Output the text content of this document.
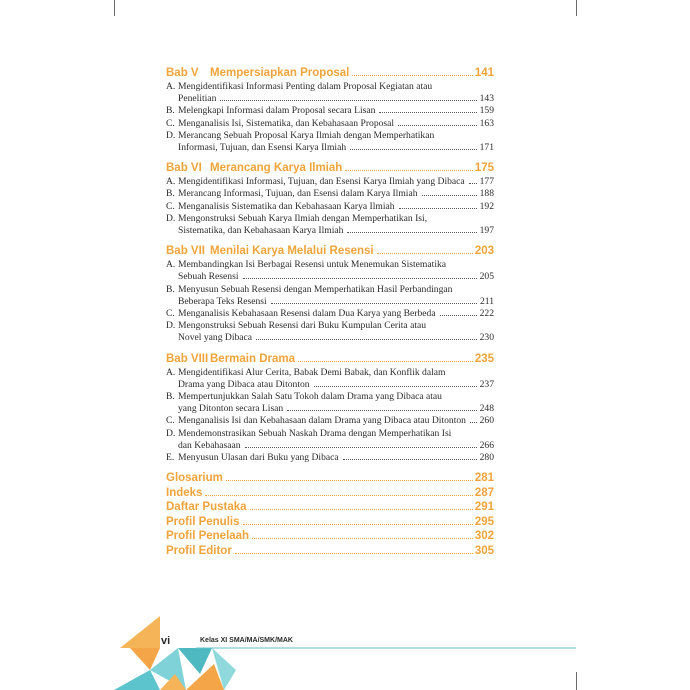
Bab V Mempersiapkan Proposal	141
A. Mengidentifikasi Informasi Penting dalam Proposal Kegiatan atau
Penelitian	143
B. Melengkapi Informasi dalam Proposal secara Lisan	159
C. Menganalisis Isi, Sistematika, dan Kebahasaan Proposal	163
D. Merancang Sebuah Proposal Karya Ilmiah dengan Memperhatikan
Informasi, Tujuan, dan Esensi Karya Ilmiah	171
Bab VI Merancang Karya Ilmiah	175
A. Mengidentifikasi Informasi, Tujuan, dan Esensi Karya Ilmiah yang Dibaca 177
B. Merancang Informasi, Tujuan, dan Esensi dalam Karya Ilmiah	188
C. Menganalisis Sistematika dan Kebahasaan Karya Ilmiah	192
D. Mengonstruksi Sebuah Karya Ilmiah dengan Memperhatikan Isi,
Sistematika, dan Kebahasaan Karya Ilmiah	197
Bab VII Menilai Karya Melalui Resensi	203
A. Membandingkan Isi Berbagai Resensi untuk Menemukan Sistematika
Sebuah Resensi	205
B. Menyusun Sebuah Resensi dengan Memperhatikan Hasil Perbandingan
Beberapa Teks Resensi	211
C. Menganalisis Kebahasaan Resensi dalam Dua Karya yang Berbeda	222
D. Mengonstruksi Sebuah Resensi dari Buku Kumpulan Cerita atau
Novel yang Dibaca	230
Bab VIII Bermain Drama	235
A. Mengidentifikasi Alur Cerita, Babak Demi Babak, dan Konflik dalam
Drama yang Dibaca atau Ditonton	237
B. Mempertunjukkan Salah Satu Tokoh dalam Drama yang Dibaca atau
yang Ditonton secara Lisan	248
C. Menganalisis Isi dan Kebahasaan dalam Drama yang Dibaca atau Ditonton 260
D. Mendemonstrasikan Sebuah Naskah Drama dengan Memperhatikan Isi
dan Kebahasaan	266
E. Menyusun Ulasan dari Buku yang Dibaca	280
Glosarium	281
Indeks	287
Daftar Pustaka	291
Profil Penulis	295
Profil Penelaah	302
Profil Editor	305
vi	Kelas XI SMA/MA/SMK/MAK
